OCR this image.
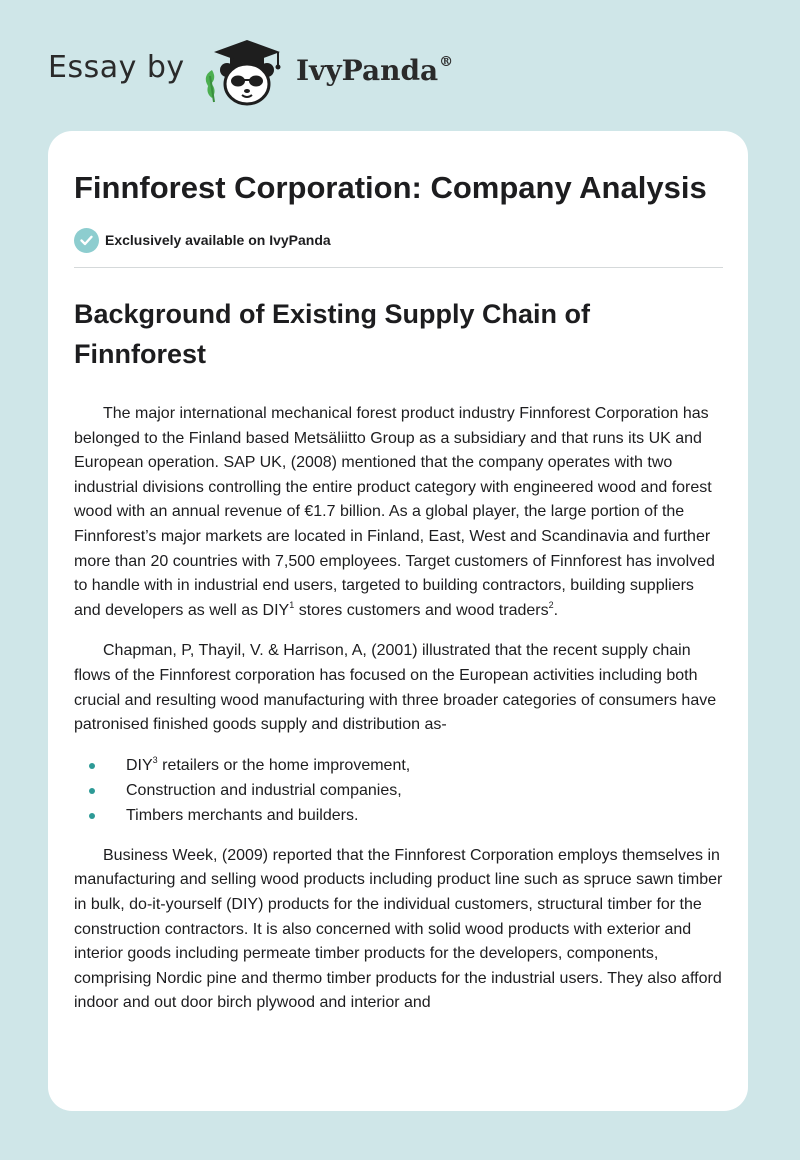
Essay by	IvyPanda®
Finnforest Corporation: Company Analysis
Exclusively available on IvyPanda
Background of Existing Supply Chain of Finnforest

The major international mechanical forest product industry Finnforest Corporation has belonged to the Finland based Metsäliitto Group as a subsidiary and that runs its UK and European operation. SAP UK, (2008) mentioned that the company operates with two industrial divisions controlling the entire product category with engineered wood and forest wood with an annual revenue of €1.7 billion. As a global player, the large portion of the Finnforest’s major markets are located in Finland, East, West and Scandinavia and further more than 20 countries with 7,500 employees. Target customers of Finnforest has involved to handle with in industrial end users, targeted to building contractors, building suppliers and developers as well as DIY$^1$ stores customers and wood traders$^2$.

Chapman, P, Thayil, V. & Harrison, A, (2001) illustrated that the recent supply chain flows of the Finnforest corporation has focused on the European activities including both crucial and resulting wood manufacturing with three broader categories of consumers have patronised finished goods supply and distribution as-

DIY$^3$ retailers or the home improvement,
Construction and industrial companies,
Timbers merchants and builders.

Business Week, (2009) reported that the Finnforest Corporation employs themselves in manufacturing and selling wood products including product line such as spruce sawn timber in bulk, do-it-yourself (DIY) products for the individual customers, structural timber for the construction contractors. It is also concerned with solid wood products with exterior and interior goods including permeate timber products for the developers, components, comprising Nordic pine and thermo timber products for the industrial users. They also afford indoor and out door birch plywood and interior and
